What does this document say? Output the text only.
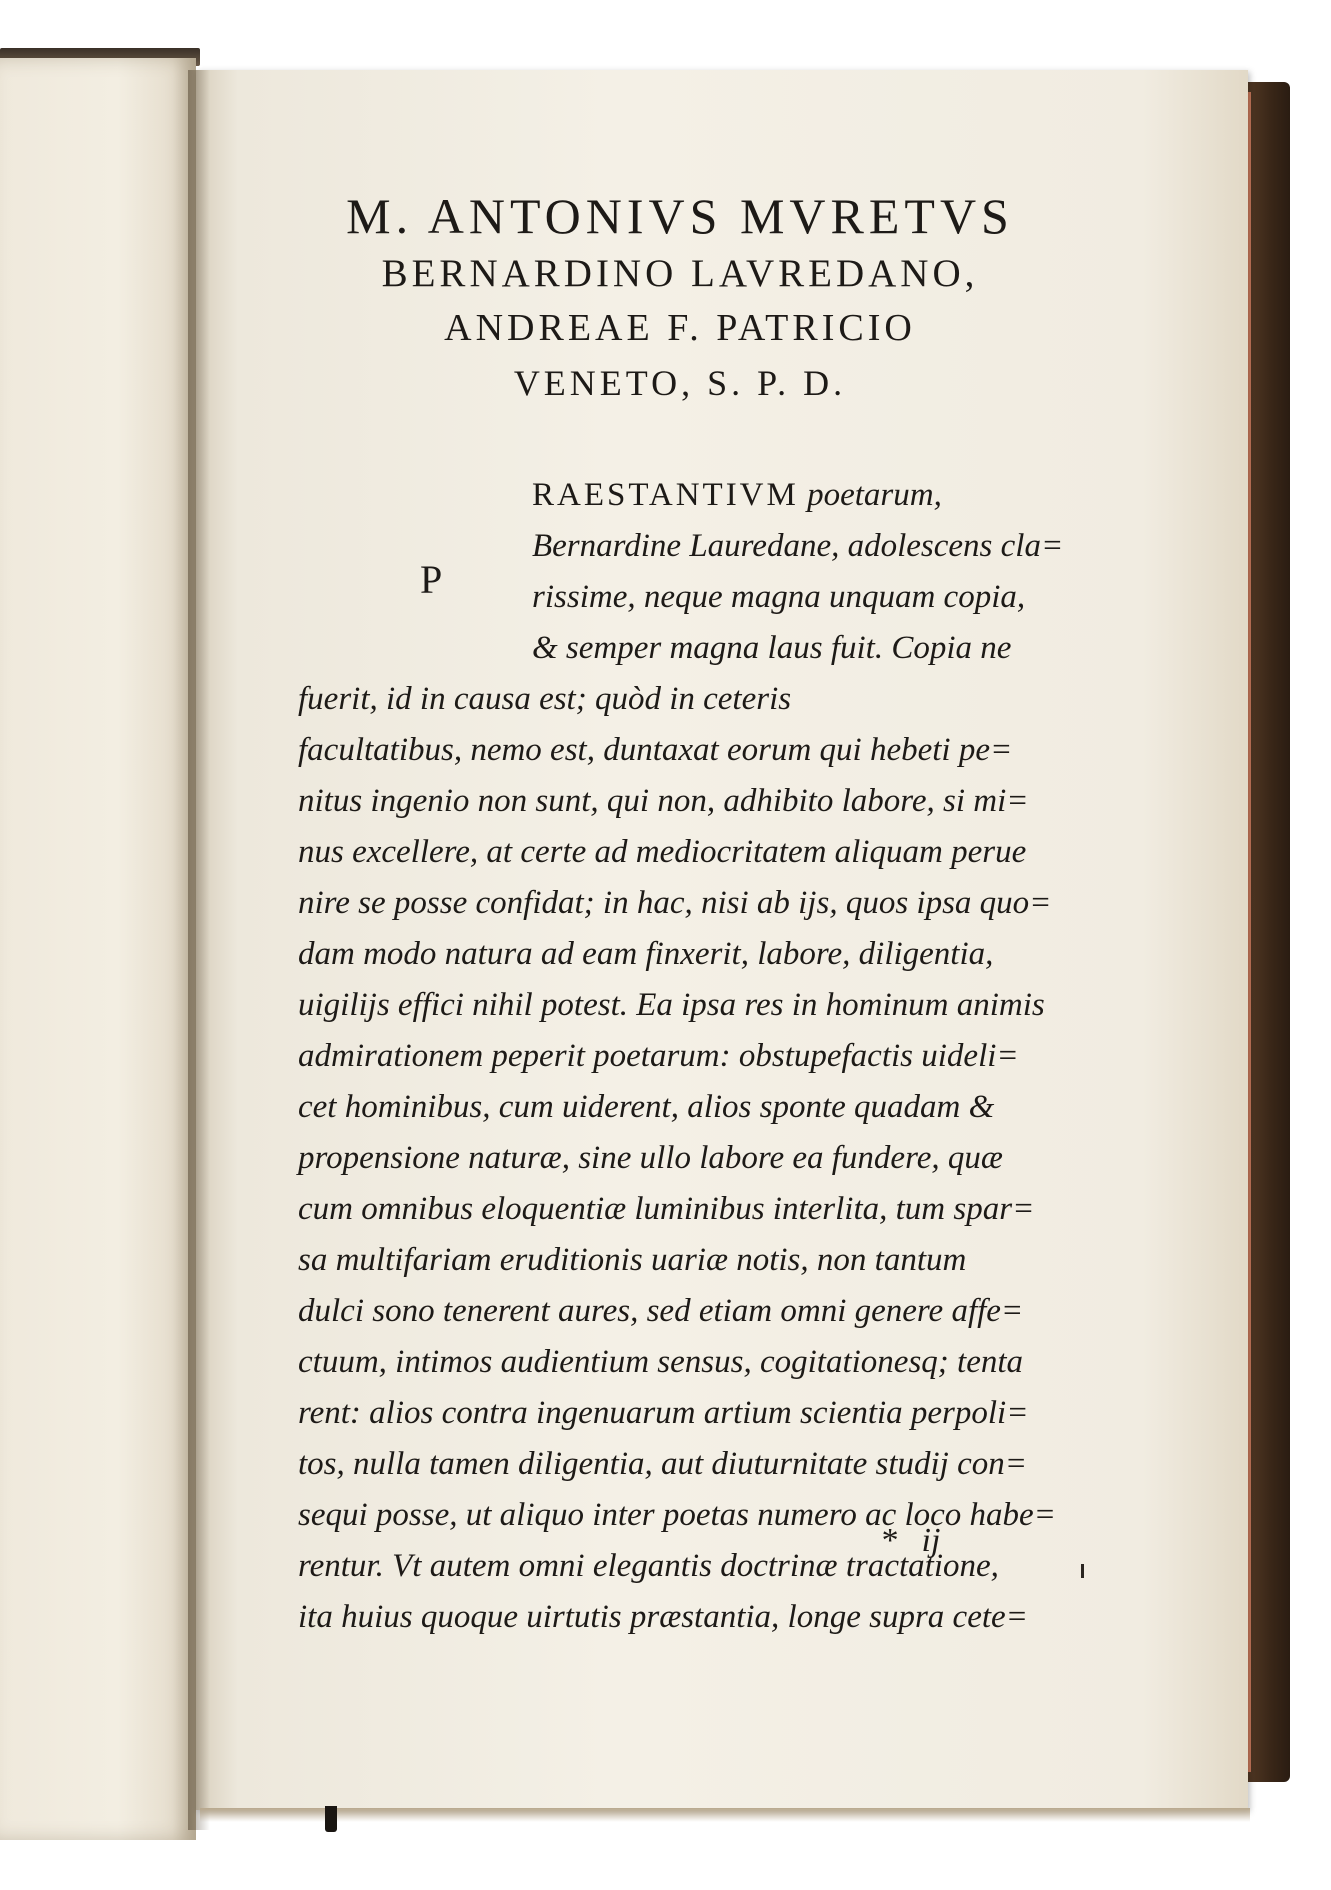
M. ANTONIVS MVRETVS
BERNARDINO LAVREDANO,
ANDREAE F. PATRICIO
VENETO, S. P. D.
P
RAESTANTIVM poetarum,
Bernardine Lauredane, adolescens cla=
rissime, neque magna unquam copia,
& semper magna laus fuit. Copia ne
fuerit, id in causa est; quòd in ceteris
facultatibus, nemo est, duntaxat eorum qui hebeti pe=
nitus ingenio non sunt, qui non, adhibito labore, si mi=
nus excellere, at certe ad mediocritatem aliquam perue
nire se posse confidat; in hac, nisi ab ijs, quos ipsa quo=
dam modo natura ad eam finxerit, labore, diligentia,
uigilijs effici nihil potest. Ea ipsa res in hominum animis
admirationem peperit poetarum: obstupefactis uideli=
cet hominibus, cum uiderent, alios sponte quadam &
propensione naturæ, sine ullo labore ea fundere, quæ
cum omnibus eloquentiæ luminibus interlita, tum spar=
sa multifariam eruditionis uariæ notis, non tantum
dulci sono tenerent aures, sed etiam omni genere affe=
ctuum, intimos audientium sensus, cogitationesq; tenta
rent: alios contra ingenuarum artium scientia perpoli=
tos, nulla tamen diligentia, aut diuturnitate studij con=
sequi posse, ut aliquo inter poetas numero ac loco habe=
rentur. Vt autem omni elegantis doctrinæ tractatione,
ita huius quoque uirtutis præstantia, longe supra cete=
* ij
